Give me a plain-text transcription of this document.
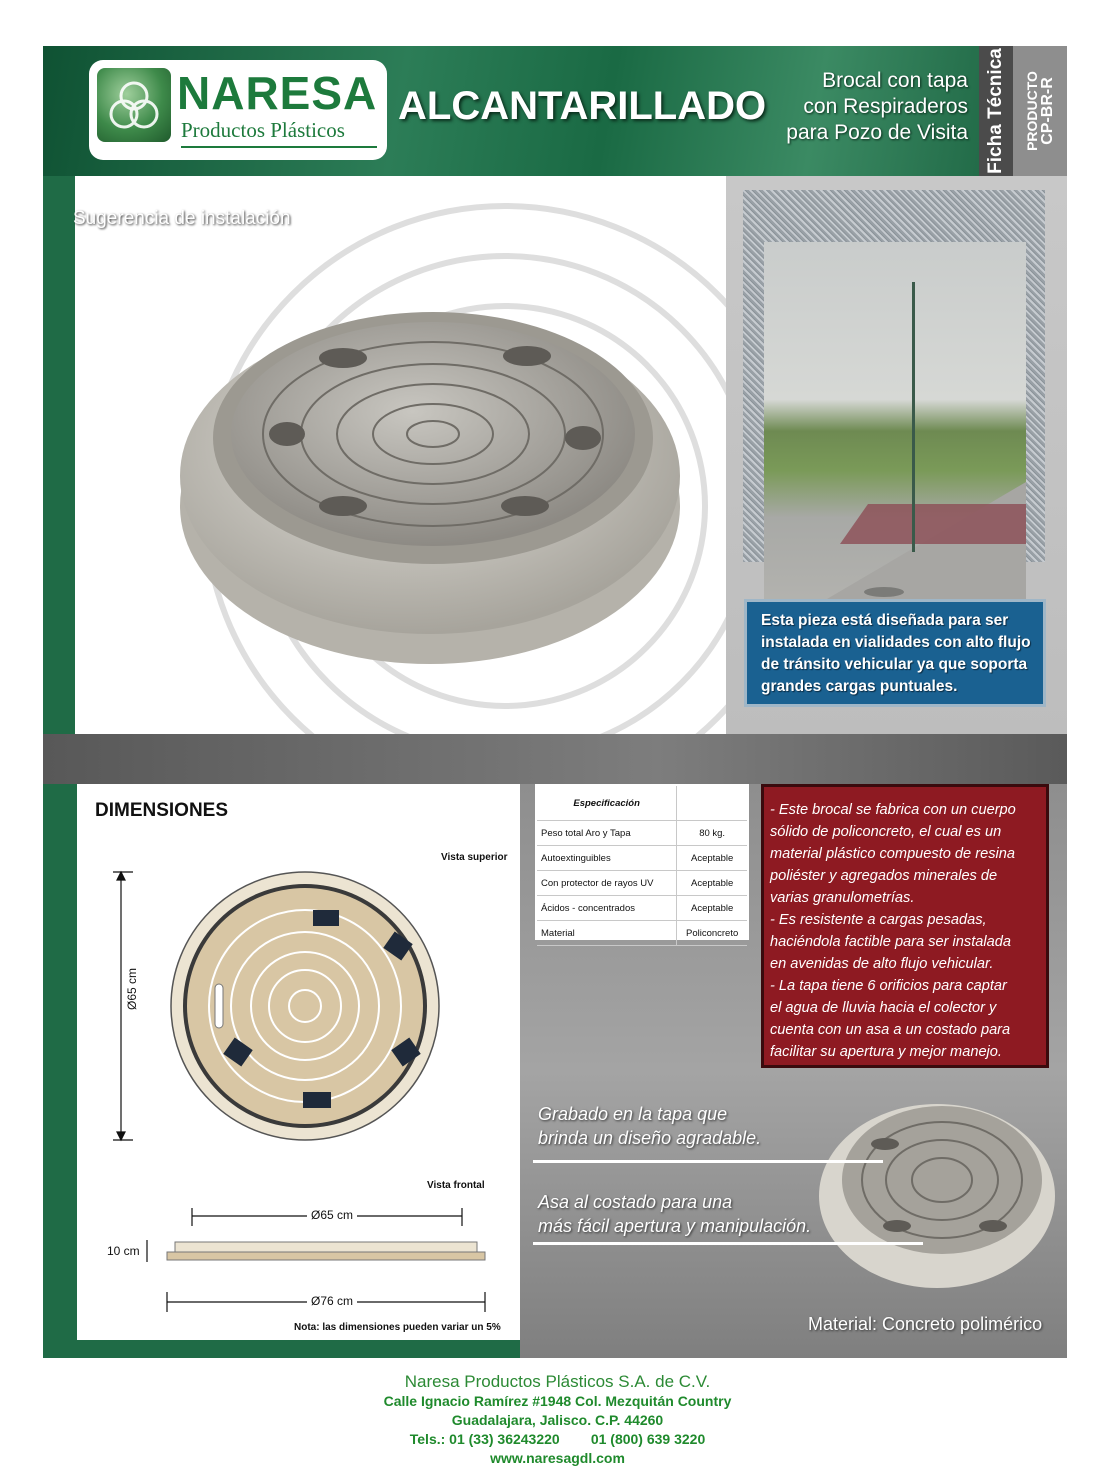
NARESA
Productos Plásticos
ALCANTARILLADO
Brocal con tapa
con Respiraderos
para Pozo de Visita Ficha Técnica PRODUCTO CP-BR-R
Sugerencia de instalación
Esta pieza está diseñada para ser
instalada en vialidades con alto flujo
de tránsito vehicular ya que soporta
grandes cargas puntuales.
DIMENSIONES
Vista superior
Ø65 cm
Vista frontal
Ø65 cm
10 cm
Ø76 cm
Nota: las dimensiones pueden variar un 5%
Especificación	
Peso total Aro y Tapa	80 kg.
Autoextinguibles	Aceptable
Con protector de rayos UV	Aceptable
Ácidos - concentrados	Aceptable
Material	Policoncreto

- Este brocal se fabrica con un cuerpo
sólido de policoncreto, el cual es un
material plástico compuesto de resina
poliéster y agregados minerales de
varias granulometrías.
- Es resistente a cargas pesadas,
haciéndola factible para ser instalada
en avenidas de alto flujo vehicular.
- La tapa tiene 6 orificios para captar
el agua de lluvia hacia el colector y
cuenta con un asa a un costado para
facilitar su apertura y mejor manejo.

Grabado en la tapa que
brinda un diseño agradable.
Asa al costado para una
más fácil apertura y manipulación.
Material: Concreto polimérico
Naresa Productos Plásticos S.A. de C.V.
Calle Ignacio Ramírez #1948 Col. Mezquitán Country
Guadalajara, Jalisco. C.P. 44260
Tels.: 01 (33) 36243220        01 (800) 639 3220
www.naresagdl.com
